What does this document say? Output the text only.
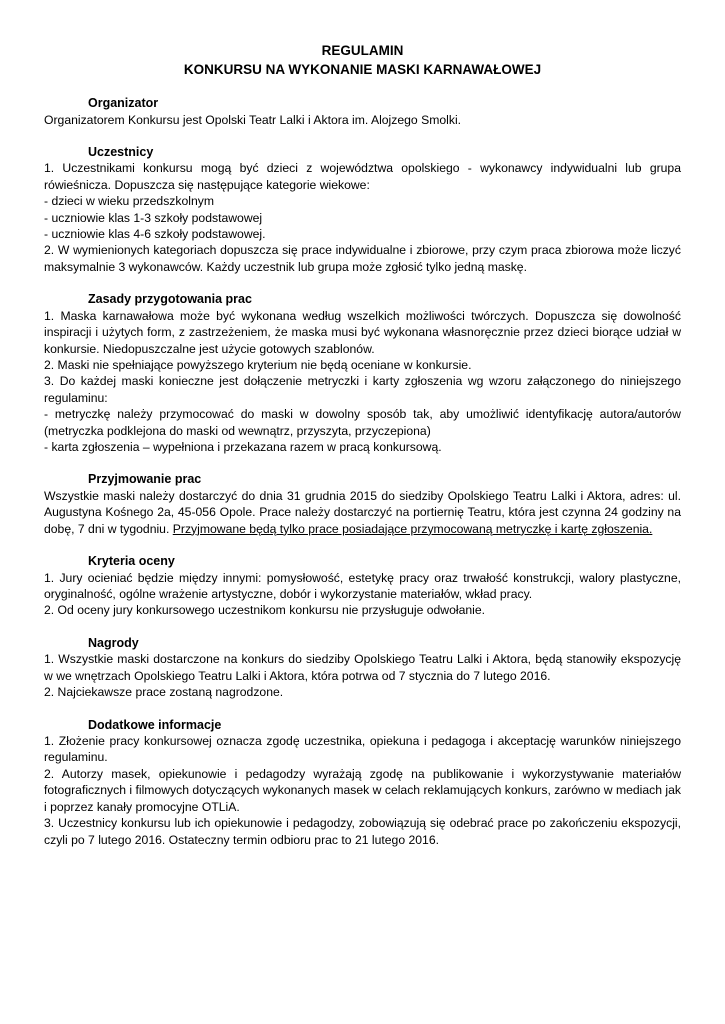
REGULAMIN

KONKURSU NA WYKONANIE MASKI KARNAWAŁOWEJ

Organizator

Organizatorem Konkursu jest Opolski Teatr Lalki i Aktora im. Alojzego Smolki.

Uczestnicy

1. Uczestnikami konkursu mogą być dzieci z województwa opolskiego - wykonawcy indywidualni lub grupa rówieśnicza. Dopuszcza się następujące kategorie wiekowe:

- dzieci w wieku przedszkolnym

- uczniowie klas 1-3 szkoły podstawowej

- uczniowie klas 4-6 szkoły podstawowej.

2. W wymienionych kategoriach dopuszcza się prace indywidualne i zbiorowe, przy czym praca zbiorowa może liczyć maksymalnie 3 wykonawców. Każdy uczestnik lub grupa może zgłosić tylko jedną maskę.

Zasady przygotowania prac

1. Maska karnawałowa może być wykonana według wszelkich możliwości twórczych. Dopuszcza się dowolność inspiracji i użytych form, z zastrzeżeniem, że maska musi być wykonana własnoręcznie przez dzieci biorące udział w konkursie. Niedopuszczalne jest użycie gotowych szablonów.

2. Maski nie spełniające powyższego kryterium nie będą oceniane w konkursie.

3. Do każdej maski konieczne jest dołączenie metryczki i karty zgłoszenia wg wzoru załączonego do niniejszego regulaminu:

- metryczkę należy przymocować do maski w dowolny sposób tak, aby umożliwić identyfikację autora/autorów (metryczka podklejona do maski od wewnątrz, przyszyta, przyczepiona)

- karta zgłoszenia – wypełniona i przekazana razem w pracą konkursową.

Przyjmowanie prac

Wszystkie maski należy dostarczyć do dnia 31 grudnia 2015 do siedziby Opolskiego Teatru Lalki i Aktora, adres: ul. Augustyna Kośnego 2a, 45-056 Opole. Prace należy dostarczyć na portiernię Teatru, która jest czynna 24 godziny na dobę, 7 dni w tygodniu. Przyjmowane będą tylko prace posiadające przymocowaną metryczkę i kartę zgłoszenia.

Kryteria oceny

1. Jury ocieniać będzie między innymi: pomysłowość, estetykę pracy oraz trwałość konstrukcji, walory plastyczne, oryginalność, ogólne wrażenie artystyczne, dobór i wykorzystanie materiałów, wkład pracy.

2. Od oceny jury konkursowego uczestnikom konkursu nie przysługuje odwołanie.

Nagrody

1. Wszystkie maski dostarczone na konkurs do siedziby Opolskiego Teatru Lalki i Aktora, będą stanowiły ekspozycję w we wnętrzach Opolskiego Teatru Lalki i Aktora, która potrwa od 7 stycznia do 7 lutego 2016.

2. Najciekawsze prace zostaną nagrodzone.

Dodatkowe informacje

1. Złożenie pracy konkursowej oznacza zgodę uczestnika, opiekuna i pedagoga i akceptację warunków niniejszego regulaminu.

2. Autorzy masek, opiekunowie i pedagodzy wyrażają zgodę na publikowanie i wykorzystywanie materiałów fotograficznych i filmowych dotyczących wykonanych masek w celach reklamujących konkurs, zarówno w mediach jak i poprzez kanały promocyjne OTLiA.

3. Uczestnicy konkursu lub ich opiekunowie i pedagodzy, zobowiązują się odebrać prace po zakończeniu ekspozycji, czyli po 7 lutego 2016. Ostateczny termin odbioru prac to 21 lutego 2016.
